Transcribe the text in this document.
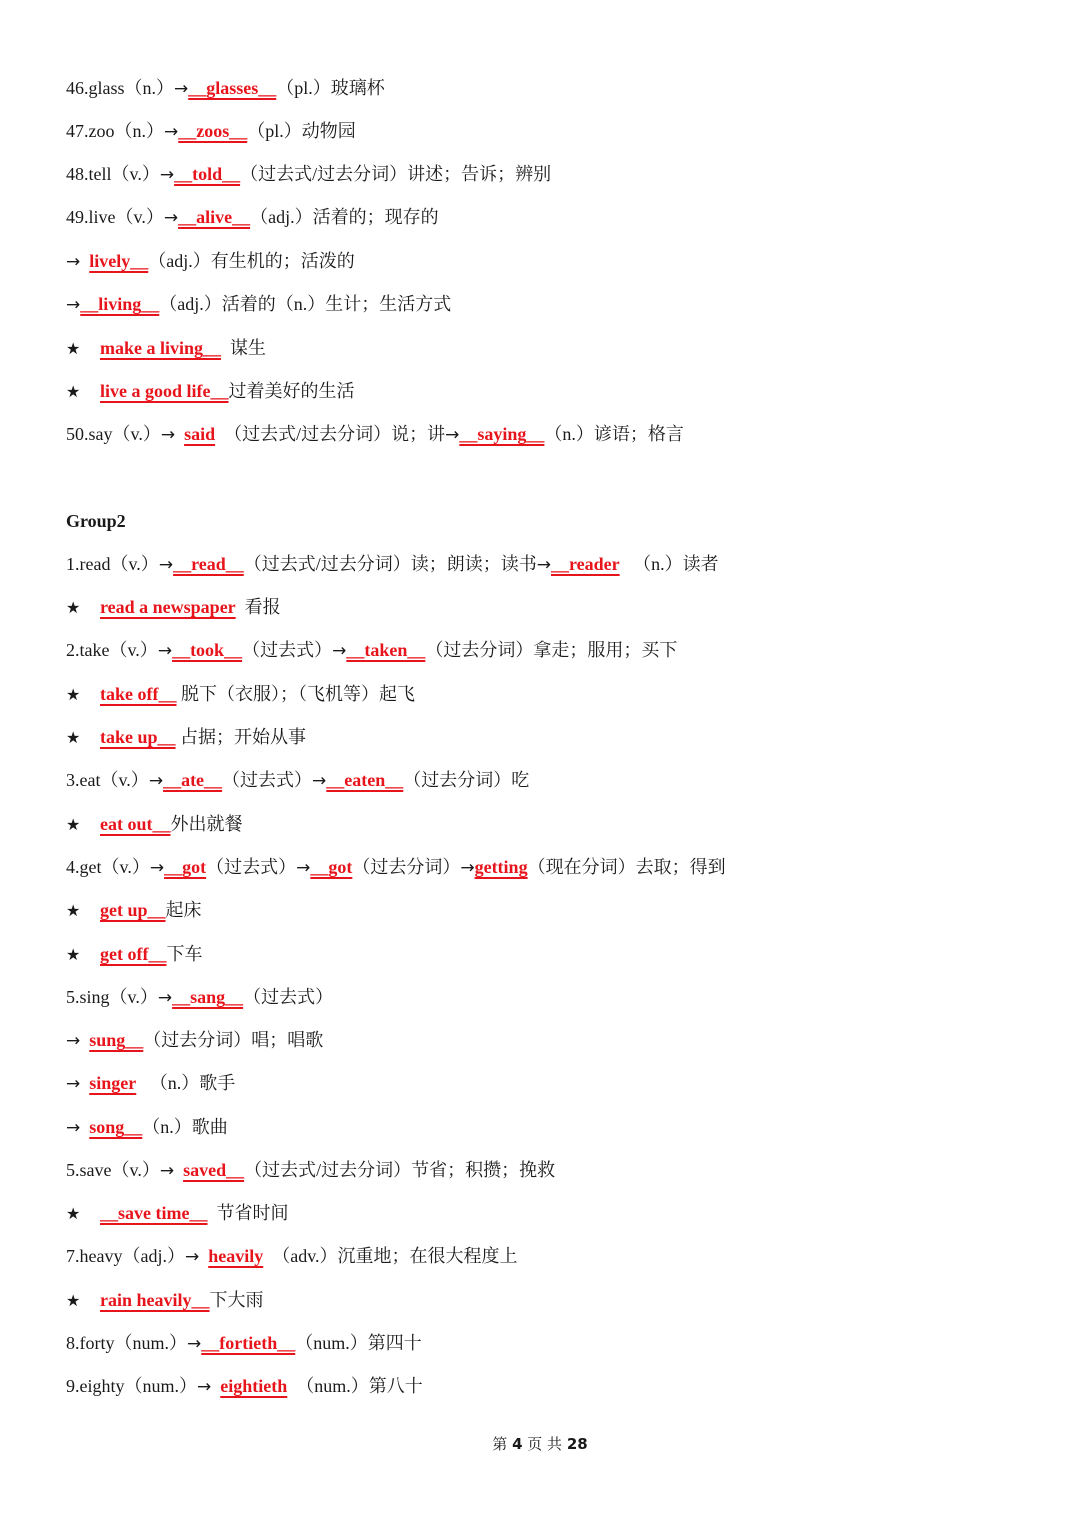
46.glass（n.）→__glasses__（pl.）玻璃杯
47.zoo（n.）→__zoos__（pl.）动物园
48.tell（v.）→__told__（过去式/过去分词）讲述；告诉；辨别
49.live（v.）→__alive__（adj.）活着的；现存的
→ lively__（adj.）有生机的；活泼的
→__living__（adj.）活着的（n.）生计；生活方式
★ make a living__  谋生
★ live a good life__过着美好的生活
50.say（v.）→ said  （过去式/过去分词）说；讲→__saying__（n.）谚语；格言
Group2
1.read（v.）→__read__（过去式/过去分词）读；朗读；读书→__reader   （n.）读者
★ read a newspaper  看报
2.take（v.）→__took__（过去式）→__taken__（过去分词）拿走；服用；买下
★ take off__ 脱下（衣服）；（飞机等）起飞
★ take up__ 占据；开始从事
3.eat（v.）→__ate__（过去式）→__eaten__（过去分词）吃
★ eat out__外出就餐
4.get（v.）→__got（过去式）→__got（过去分词）→getting（现在分词）去取；得到
★ get up__起床
★ get off__下车
5.sing（v.）→__sang__（过去式）
→ sung__（过去分词）唱；唱歌
→ singer   （n.）歌手
→ song__（n.）歌曲
5.save（v.）→ saved__（过去式/过去分词）节省；积攒；挽救
★ __save time__  节省时间
7.heavy（adj.）→ heavily  （adv.）沉重地；在很大程度上
★ rain heavily__下大雨
8.forty（num.）→__fortieth__（num.）第四十
9.eighty（num.）→ eightieth  （num.）第八十
第 4 页 共 28
